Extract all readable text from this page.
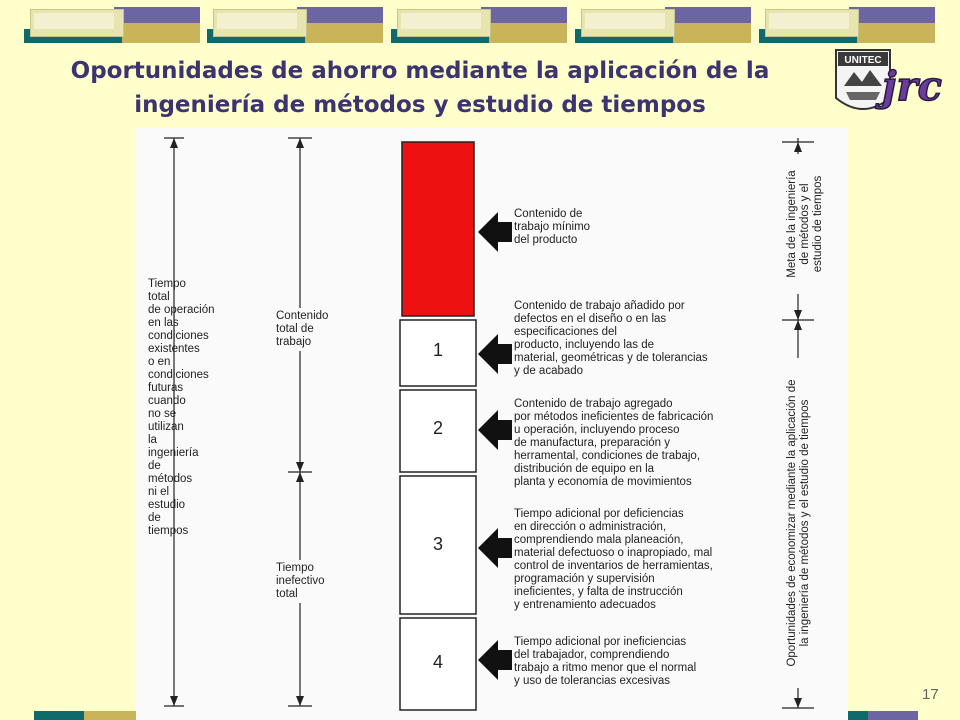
Oportunidades de ahorro mediante la aplicación de la
ingeniería de métodos y estudio de tiempos
UNITEC
jrc
Tiempo
total
de operación
en las
condiciones
existentes
o en
condiciones
futuras
cuando
no se
utilizan
la
ingeniería
de
métodos
ni el
estudio
de
tiempos
Contenido
total de
trabajo
Tiempo
inefectivo
total
1
2
3
4
Contenido de
trabajo mínimo
del producto
Contenido de trabajo añadido por
defectos en el diseño o en las
especificaciones del
producto, incluyendo las de
material, geométricas y de tolerancias
y de acabado
Contenido de trabajo agregado
por métodos ineficientes de fabricación
u operación, incluyendo proceso
de manufactura, preparación y
herramental, condiciones de trabajo,
distribución de equipo en la
planta y economía de movimientos
Tiempo adicional por deficiencias
en dirección o administración,
comprendiendo mala planeación,
material defectuoso o inapropiado, mal
control de inventarios de herramientas,
programación y supervisión
ineficientes, y falta de instrucción
y entrenamiento adecuados
Tiempo adicional por ineficiencias
del trabajador, comprendiendo
trabajo a ritmo menor que el normal
y uso de tolerancias excesivas
Meta de la ingeniería
de métodos y el
estudio de tiempos
Oportunidades de economizar mediante la aplicación de
la ingeniería de métodos y el estudio de tiempos
17
